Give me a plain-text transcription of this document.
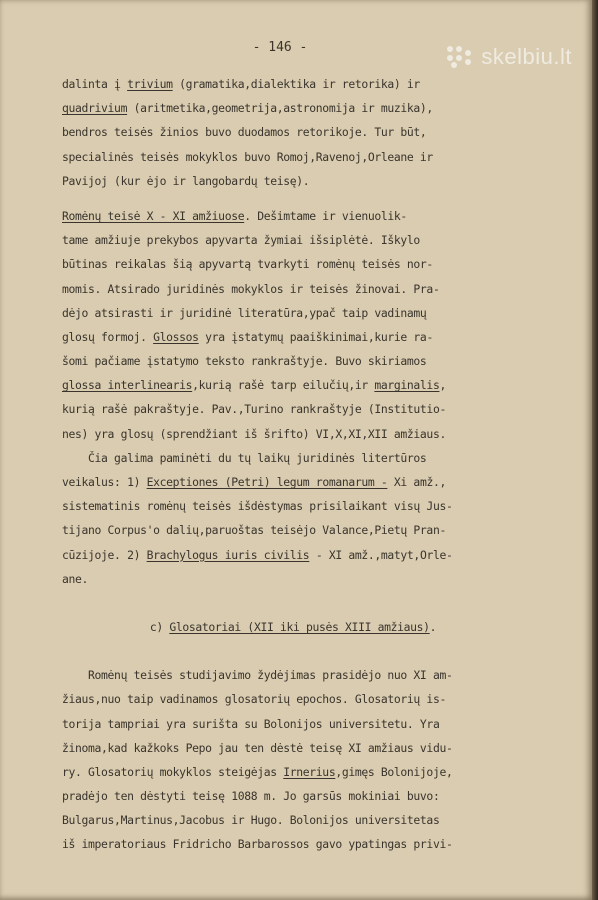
- 146 -	skelbiu.lt
dalinta į trivium (gramatika,dialektika ir retorika) ir
quadrivium (aritmetika,geometrija,astronomija ir muzika),
bendros teisės žinios buvo duodamos retorikoje. Tur būt,
specialinės teisės mokyklos buvo Romoj,Ravenoj,Orleane ir
Pavijoj (kur ėjo ir langobardų teisę).
Romėnų teisė X - XI amžiuose. Dešimtame ir vienuolik-
tame amžiuje prekybos apyvarta žymiai išsiplėtė. Iškylo
būtinas reikalas šią apyvartą tvarkyti romėnų teisės nor-
momis. Atsirado juridinės mokyklos ir teisės žinovai. Pra-
dėjo atsirasti ir juridinė literatūra,ypač taip vadinamų
glosų formoj. Glossos yra įstatymų paaiškinimai,kurie ra-
šomi pačiame įstatymo teksto rankraštyje. Buvo skiriamos
glossa interlinearis,kurią rašė tarp eilučių,ir marginalis,
kurią rašė pakraštyje. Pav.,Turino rankraštyje (Institutio-
nes) yra glosų (sprendžiant iš šrifto) VI,X,XI,XII amžiaus.
Čia galima paminėti du tų laikų juridinės litertūros
veikalus: 1) Exceptiones (Petri) legum romanarum - Xi amž.,
sistematinis romėnų teisės išdėstymas prisilaikant visų Jus-
tijano Corpus'o dalių,paruoštas teisėjo Valance,Pietų Pran-
cūzijoje. 2) Brachylogus iuris civilis - XI amž.,matyt,Orle-
ane.
c) Glosatoriai (XII iki pusės XIII amžiaus).
Romėnų teisės studijavimo žydėjimas prasidėjo nuo XI am-
žiaus,nuo taip vadinamos glosatorių epochos. Glosatorių is-
torija tampriai yra surišta su Bolonijos universitetu. Yra
žinoma,kad kažkoks Pepo jau ten dėstė teisę XI amžiaus vidu-
ry. Glosatorių mokyklos steigėjas Irnerius,gimęs Bolonijoje,
pradėjo ten dėstyti teisę 1088 m. Jo garsūs mokiniai buvo:
Bulgarus,Martinus,Jacobus ir Hugo. Bolonijos universitetas
iš imperatoriaus Fridricho Barbarossos gavo ypatingas privi-
